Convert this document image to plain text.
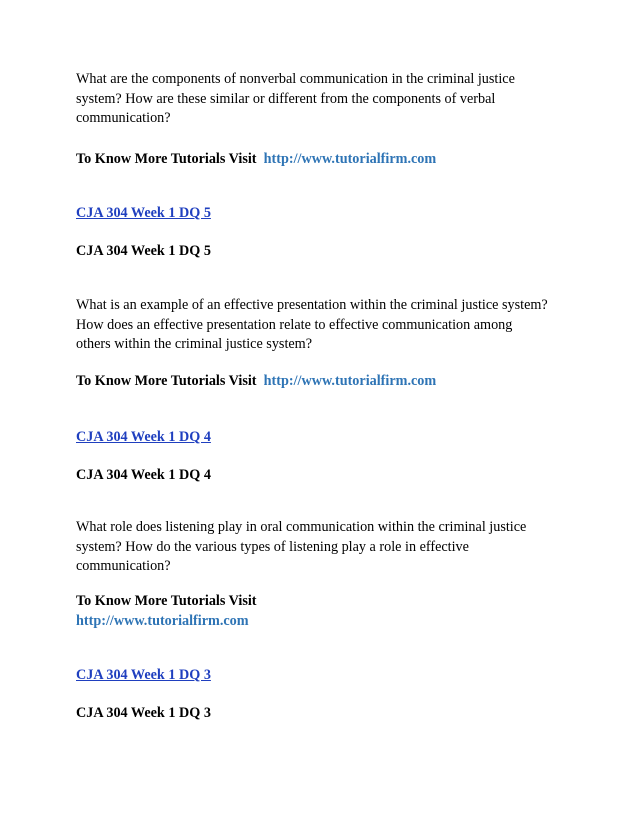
What are the components of nonverbal communication in the criminal justice
system? How are these similar or different from the components of verbal
communication?

To Know More Tutorials Visit http://www.tutorialfirm.com

CJA 304 Week 1 DQ 5

CJA 304 Week 1 DQ 5

What is an example of an effective presentation within the criminal justice system?
How does an effective presentation relate to effective communication among
others within the criminal justice system?

To Know More Tutorials Visit http://www.tutorialfirm.com

CJA 304 Week 1 DQ 4

CJA 304 Week 1 DQ 4

What role does listening play in oral communication within the criminal justice
system? How do the various types of listening play a role in effective
communication?

To Know More Tutorials Visit

http://www.tutorialfirm.com

CJA 304 Week 1 DQ 3

CJA 304 Week 1 DQ 3
